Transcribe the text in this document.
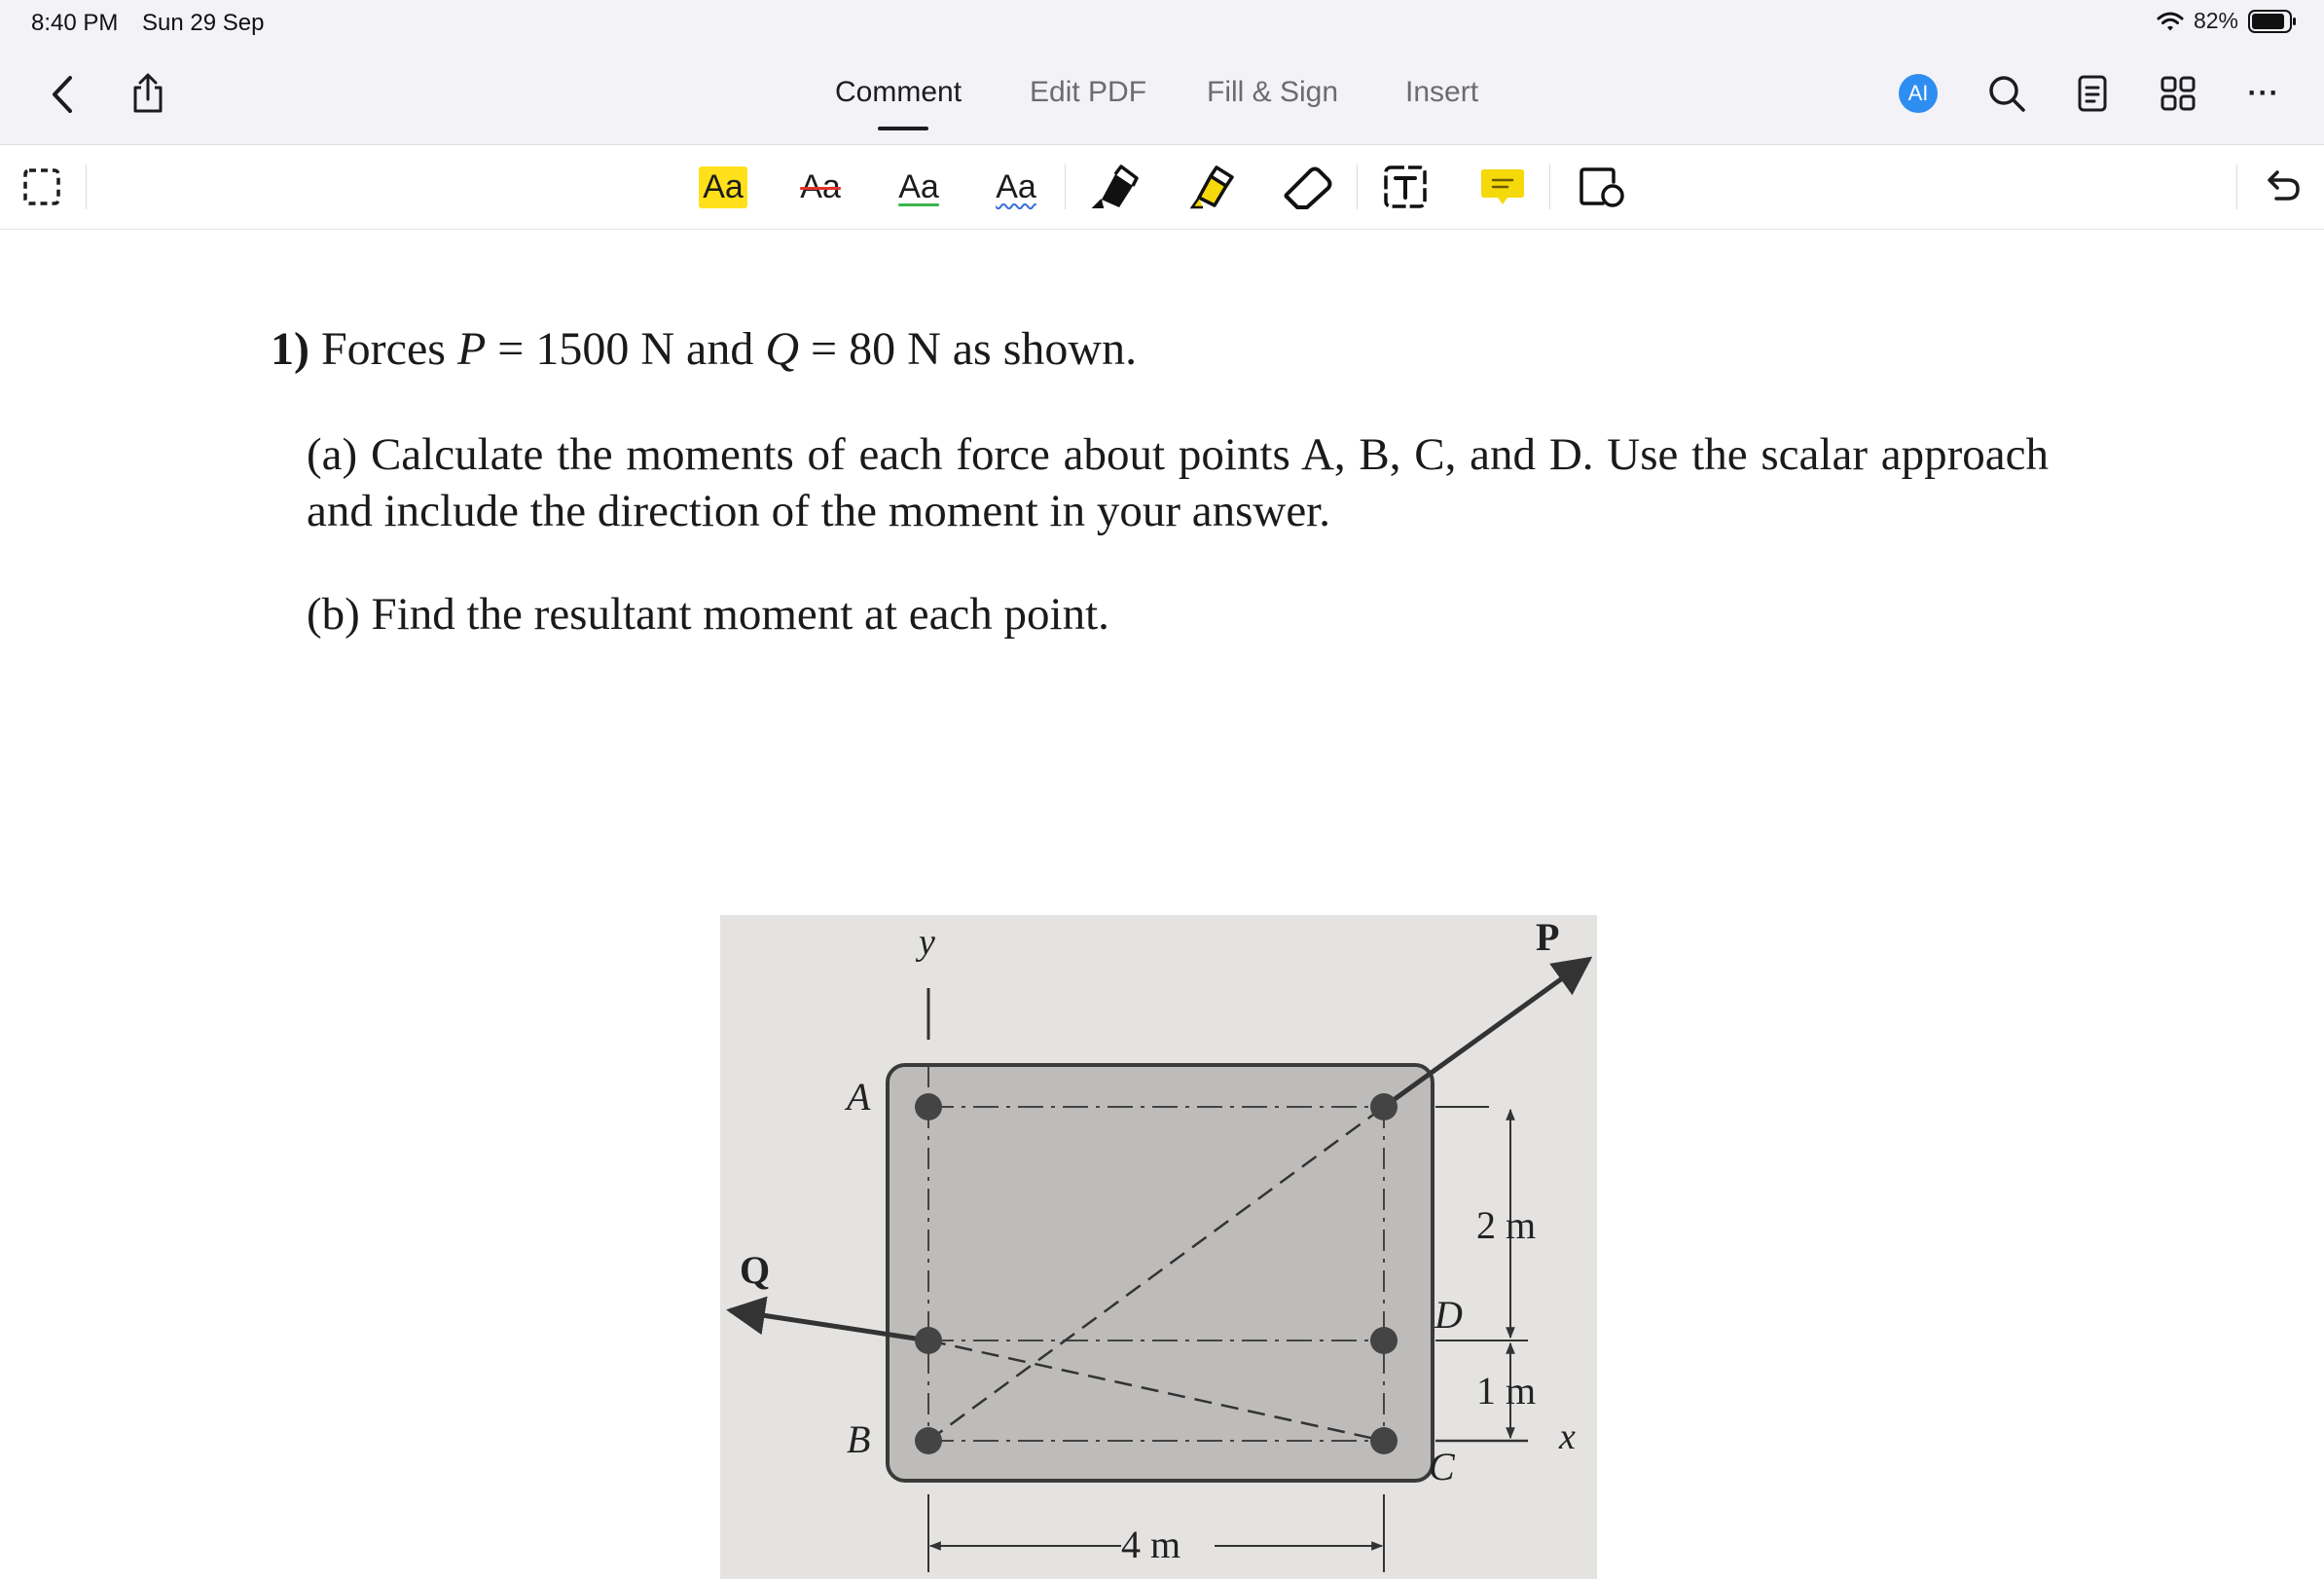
8:40 PM Sun 29 Sep	82%
AI	···
Comment Edit PDF Fill & Sign Insert
Aa Aa Aa Aa
1) Forces P = 1500 N and Q = 80 N as shown.
(a) Calculate the moments of each force about points A, B, C, and D. Use the scalar approach and include the direction of the moment in your answer.
(b) Find the resultant moment at each point.
y	P
Q
A
B
C
D
x
2 m
1 m
4 m
